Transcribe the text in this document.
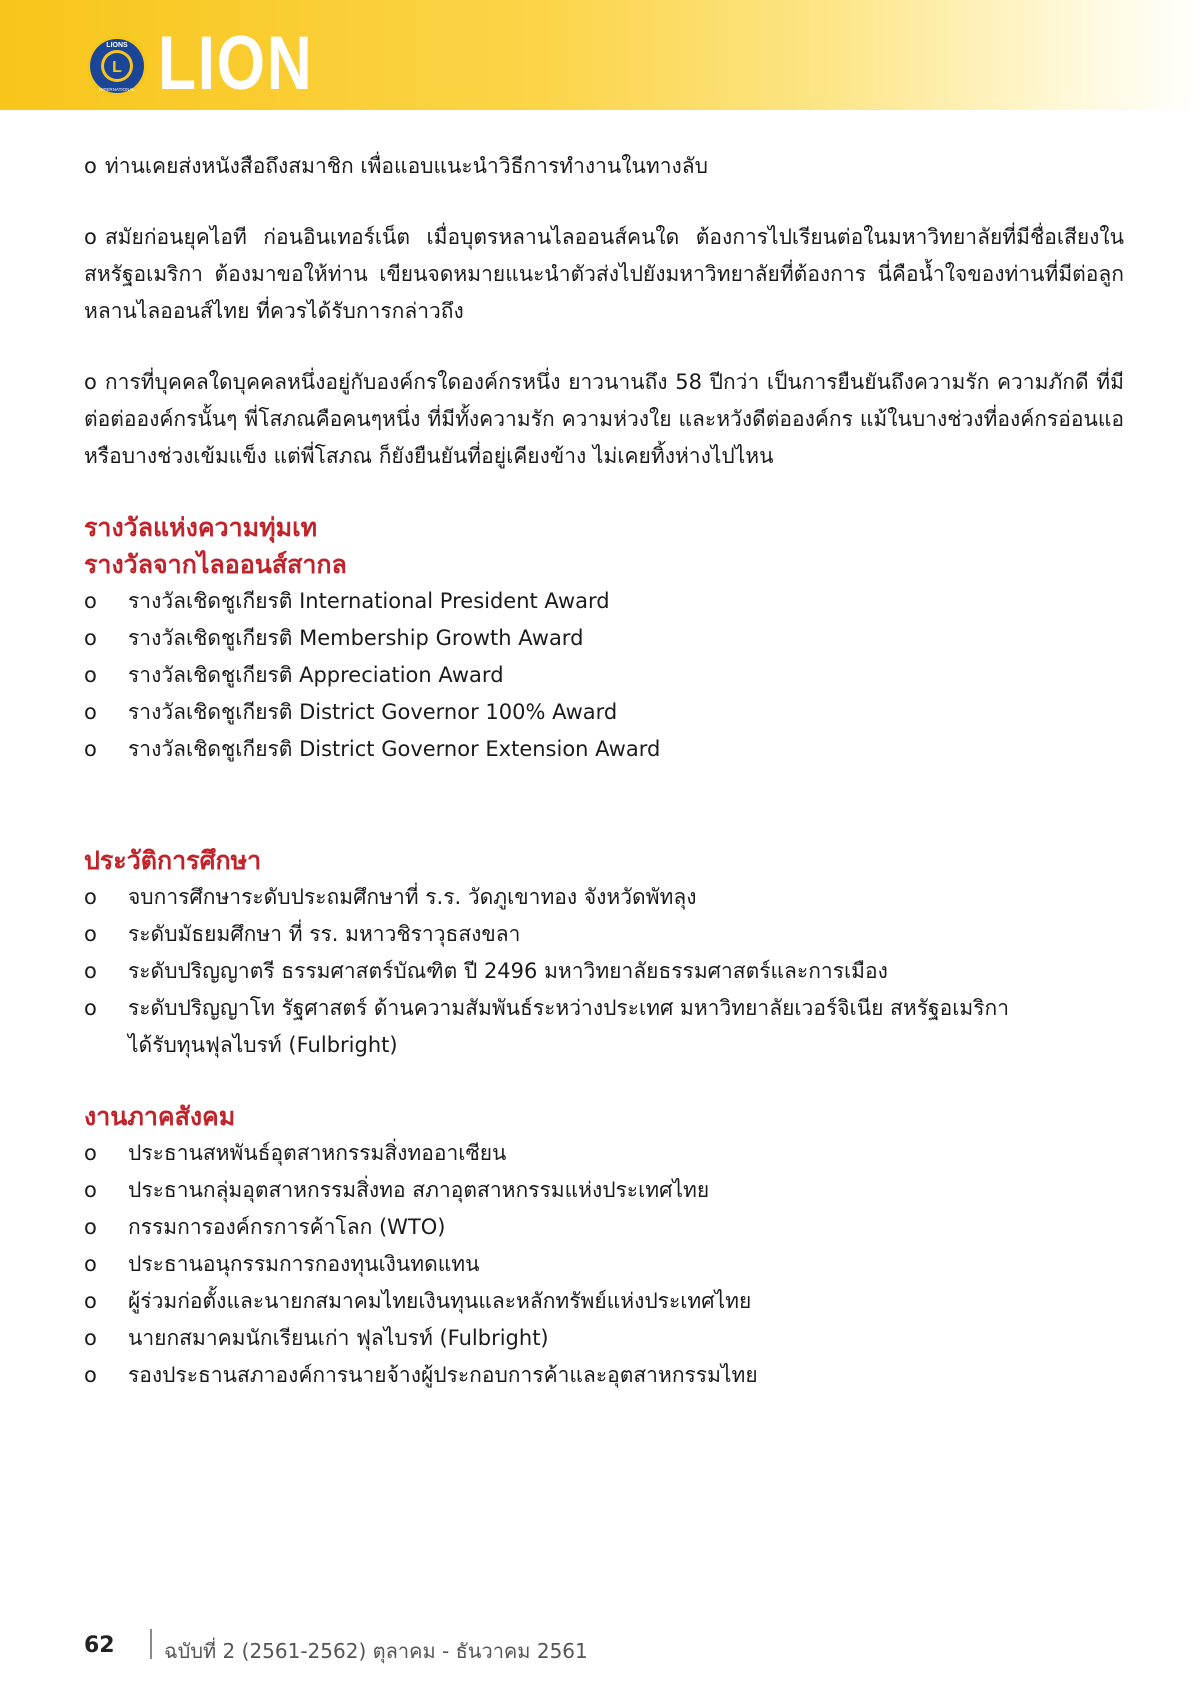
L
LIONS
INTERNATIONAL LION

o ท่านเคยส่งหนังสือถึงสมาชิก เพื่อแอบแนะนำวิธีการทำงานในทางลับ

o สมัยก่อนยุคไอที ก่อนอินเทอร์เน็ต เมื่อบุตรหลานไลออนส์คนใด ต้องการไปเรียนต่อในมหาวิทยาลัยที่มีชื่อเสียงในสหรัฐอเมริกา ต้องมาขอให้ท่าน เขียนจดหมายแนะนำตัวส่งไปยังมหาวิทยาลัยที่ต้องการ นี่คือน้ำใจของท่านที่มีต่อลูกหลานไลออนส์ไทย ที่ควรได้รับการกล่าวถึง

o การที่บุคคลใดบุคคลหนึ่งอยู่กับองค์กรใดองค์กรหนึ่ง ยาวนานถึง 58 ปีกว่า เป็นการยืนยันถึงความรัก ความภักดี ที่มีต่อต่อองค์กรนั้นๆ พี่โสภณคือคนๆหนึ่ง ที่มีทั้งความรัก ความห่วงใย และหวังดีต่อองค์กร แม้ในบางช่วงที่องค์กรอ่อนแอ หรือบางช่วงเข้มแข็ง แต่พี่โสภณ ก็ยังยืนยันที่อยู่เคียงข้าง ไม่เคยทิ้งห่างไปไหน

รางวัลแห่งความทุ่มเท
รางวัลจากไลออนส์สากล
o รางวัลเชิดชูเกียรติ International President Award
o รางวัลเชิดชูเกียรติ Membership Growth Award
o รางวัลเชิดชูเกียรติ Appreciation Award
o รางวัลเชิดชูเกียรติ District Governor 100% Award
o รางวัลเชิดชูเกียรติ District Governor Extension Award
ประวัติการศึกษา
o จบการศึกษาระดับประถมศึกษาที่ ร.ร. วัดภูเขาทอง จังหวัดพัทลุง
o ระดับมัธยมศึกษา ที่ รร. มหาวชิราวุธสงขลา
o ระดับปริญญาตรี ธรรมศาสตร์บัณฑิต ปี 2496 มหาวิทยาลัยธรรมศาสตร์และการเมือง
o ระดับปริญญาโท รัฐศาสตร์ ด้านความสัมพันธ์ระหว่างประเทศ มหาวิทยาลัยเวอร์จิเนีย สหรัฐอเมริกา
ได้รับทุนฟุลไบรท์ (Fulbright)
งานภาคสังคม
o ประธานสหพันธ์อุตสาหกรรมสิ่งทออาเซียน
o ประธานกลุ่มอุตสาหกรรมสิ่งทอ สภาอุตสาหกรรมแห่งประเทศไทย
o กรรมการองค์กรการค้าโลก (WTO)
o ประธานอนุกรรมการกองทุนเงินทดแทน
o ผู้ร่วมก่อตั้งและนายกสมาคมไทยเงินทุนและหลักทรัพย์แห่งประเทศไทย
o นายกสมาคมนักเรียนเก่า ฟุลไบรท์ (Fulbright)
o รองประธานสภาองค์การนายจ้างผู้ประกอบการค้าและอุตสาหกรรมไทย
62 ฉบับที่ 2 (2561-2562) ตุลาคม - ธันวาคม 2561
